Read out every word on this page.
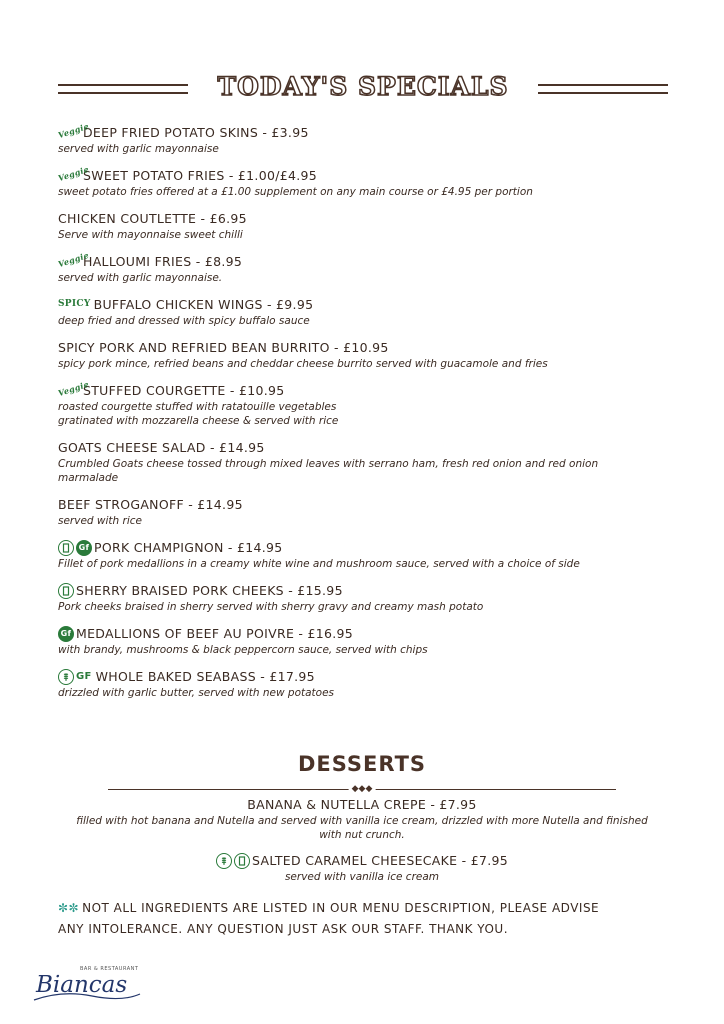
TODAY'S SPECIALS
Veggie
DEEP FRIED POTATO SKINS - £3.95
served with garlic mayonnaise
Veggie
SWEET POTATO FRIES - £1.00/£4.95
sweet potato fries offered at a £1.00 supplement on any main course or £4.95 per portion
CHICKEN COUTLETTE - £6.95
Serve with mayonnaise sweet chilli
Veggie
HALLOUMI FRIES - £8.95
served with garlic mayonnaise.
SPICY BUFFALO CHICKEN WINGS - £9.95
deep fried and dressed with spicy buffalo sauce
SPICY PORK AND REFRIED BEAN BURRITO - £10.95
spicy pork mince, refried beans and cheddar cheese burrito served with guacamole and fries
Veggie
STUFFED COURGETTE - £10.95
roasted courgette stuffed with ratatouille vegetables
gratinated with mozzarella cheese & served with rice
GOATS CHEESE SALAD - £14.95
Crumbled Goats cheese tossed through mixed leaves with serrano ham, fresh red onion and red onion
marmalade
BEEF STROGANOFF - £14.95
served with rice
Gf PORK CHAMPIGNON - £14.95
Fillet of pork medallions in a creamy white wine and mushroom sauce, served with a choice of side
SHERRY BRAISED PORK CHEEKS - £15.95
Pork cheeks braised in sherry served with sherry gravy and creamy mash potato
Gf MEDALLIONS OF BEEF AU POIVRE - £16.95
with brandy, mushrooms & black peppercorn sauce, served with chips
GF WHOLE BAKED SEABASS - £17.95
drizzled with garlic butter, served with new potatoes
DESSERTS
◆◆◆
BANANA & NUTELLA CREPE - £7.95
filled with hot banana and Nutella and served with vanilla ice cream, drizzled with more Nutella and finished
with nut crunch.
SALTED CARAMEL CHEESECAKE - £7.95
served with vanilla ice cream
✼✼ NOT ALL INGREDIENTS ARE LISTED IN OUR MENU DESCRIPTION, PLEASE ADVISE
ANY INTOLERANCE. ANY QUESTION JUST ASK OUR STAFF. THANK YOU.
BAR & RESTAURANT
Biancas
